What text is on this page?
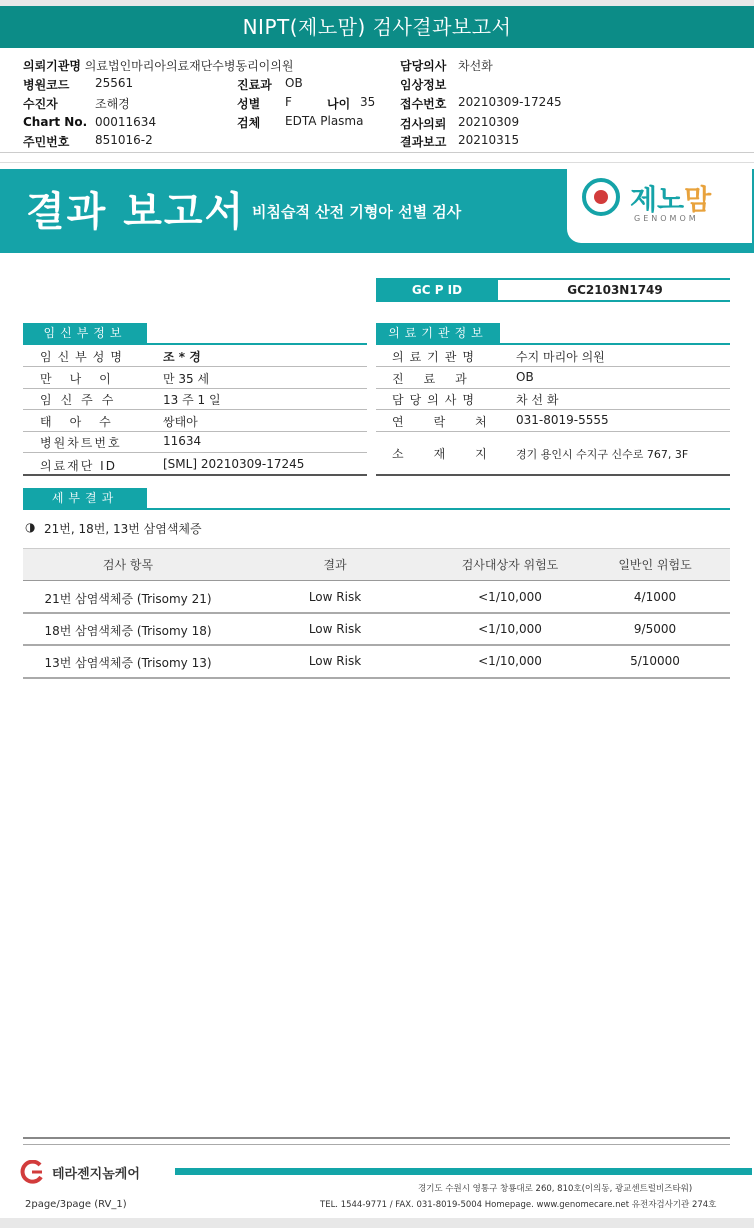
NIPT(제노맘) 검사결과보고서
의뢰기관명 의료법인마리아의료재단수병동리이의원
병원코드 25561
수진자	조해경
Chart No. 00011634
주민번호 851016-2
진료과 OB
성별 F	나이 35
검체 EDTA Plasma
담당의사 차선화
임상정보
접수번호 20210309-17245
검사의뢰 20210309
결과보고 20210315
결과 보고서 비침습적 산전 기형아 선별 검사	제노맘
GENOMOM
GC P ID	GC2103N1749
임신부정보
임신부성명	조 * 경
만나이	만 35 세
임신주수	13 주 1 일
태아수	쌍태아
병원차트번호	11634
의료재단 ID	[SML] 20210309-17245
의료기관정보
의료기관명	수지 마리아 의원
진료과 OB
담당의사명	차 선 화
연락처 031-8019-5555
소재지 경기 용인시 수지구 신수로 767, 3F
세부결과
◑ 21번, 18번, 13번 삼염색체증
검사 항목	결과	검사대상자 위험도	일반인 위험도
21번 삼염색체증 (Trisomy 21)	Low Risk	<1/10,000	4/1000
18번 삼염색체증 (Trisomy 18)	Low Risk	<1/10,000	9/5000
13번 삼염색체증 (Trisomy 13)	Low Risk	<1/10,000	5/10000
테라젠지놈케어
경기도 수원시 영통구 창룡대로 260, 810호(이의동, 광교센트럴비즈타워)
TEL. 1544-9771 / FAX. 031-8019-5004 Homepage. www.genomecare.net 유전자검사기관 274호
2page/3page (RV_1)
